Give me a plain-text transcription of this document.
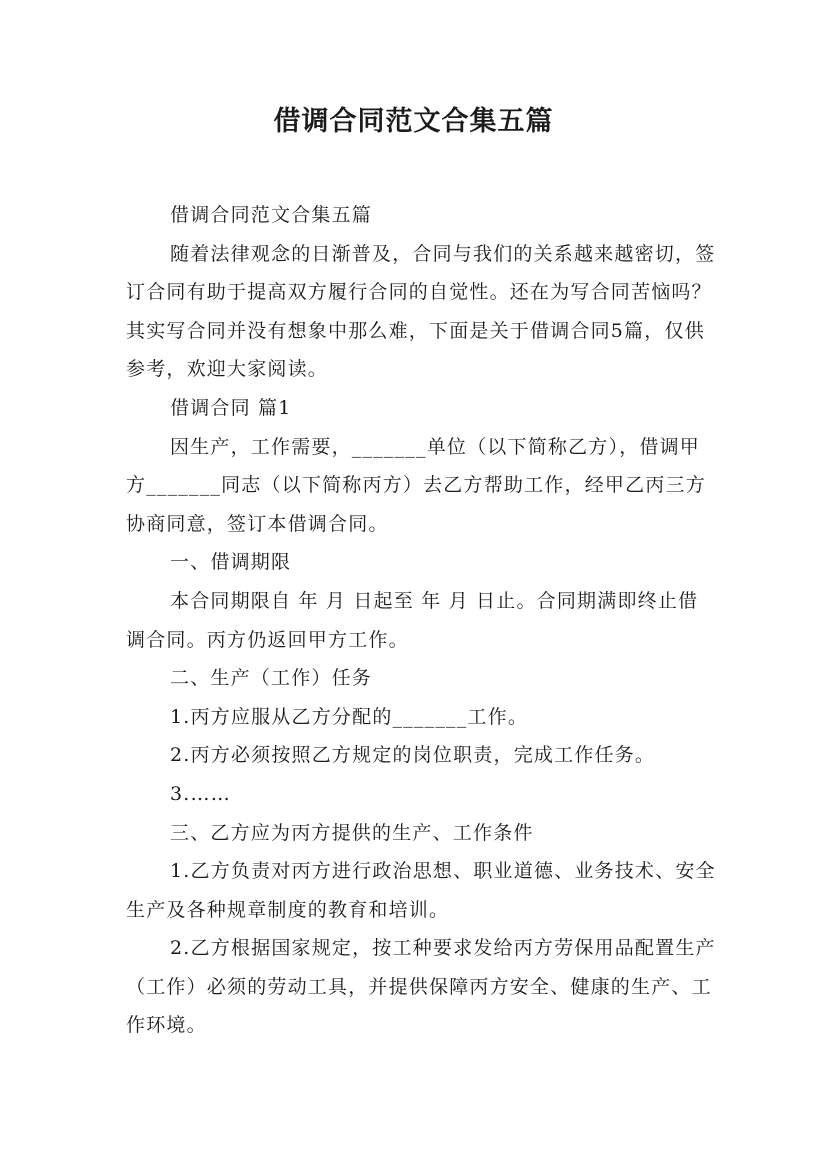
借调合同范文合集五篇

借调合同范文合集五篇

随着法律观念的日渐普及，合同与我们的关系越来越密切，签订合同有助于提高双方履行合同的自觉性。还在为写合同苦恼吗？其实写合同并没有想象中那么难，下面是关于借调合同5篇，仅供参考，欢迎大家阅读。

借调合同 篇1

因生产，工作需要，_______单位（以下简称乙方），借调甲方_______同志（以下简称丙方）去乙方帮助工作，经甲乙丙三方协商同意，签订本借调合同。

一、借调期限

本合同期限自 年 月 日起至 年 月 日止。合同期满即终止借调合同。丙方仍返回甲方工作。

二、生产（工作）任务

1.丙方应服从乙方分配的_______工作。

2.丙方必须按照乙方规定的岗位职责，完成工作任务。

3.……

三、乙方应为丙方提供的生产、工作条件

1.乙方负责对丙方进行政治思想、职业道德、业务技术、安全生产及各种规章制度的教育和培训。

2.乙方根据国家规定，按工种要求发给丙方劳保用品配置生产（工作）必须的劳动工具，并提供保障丙方安全、健康的生产、工作环境。
